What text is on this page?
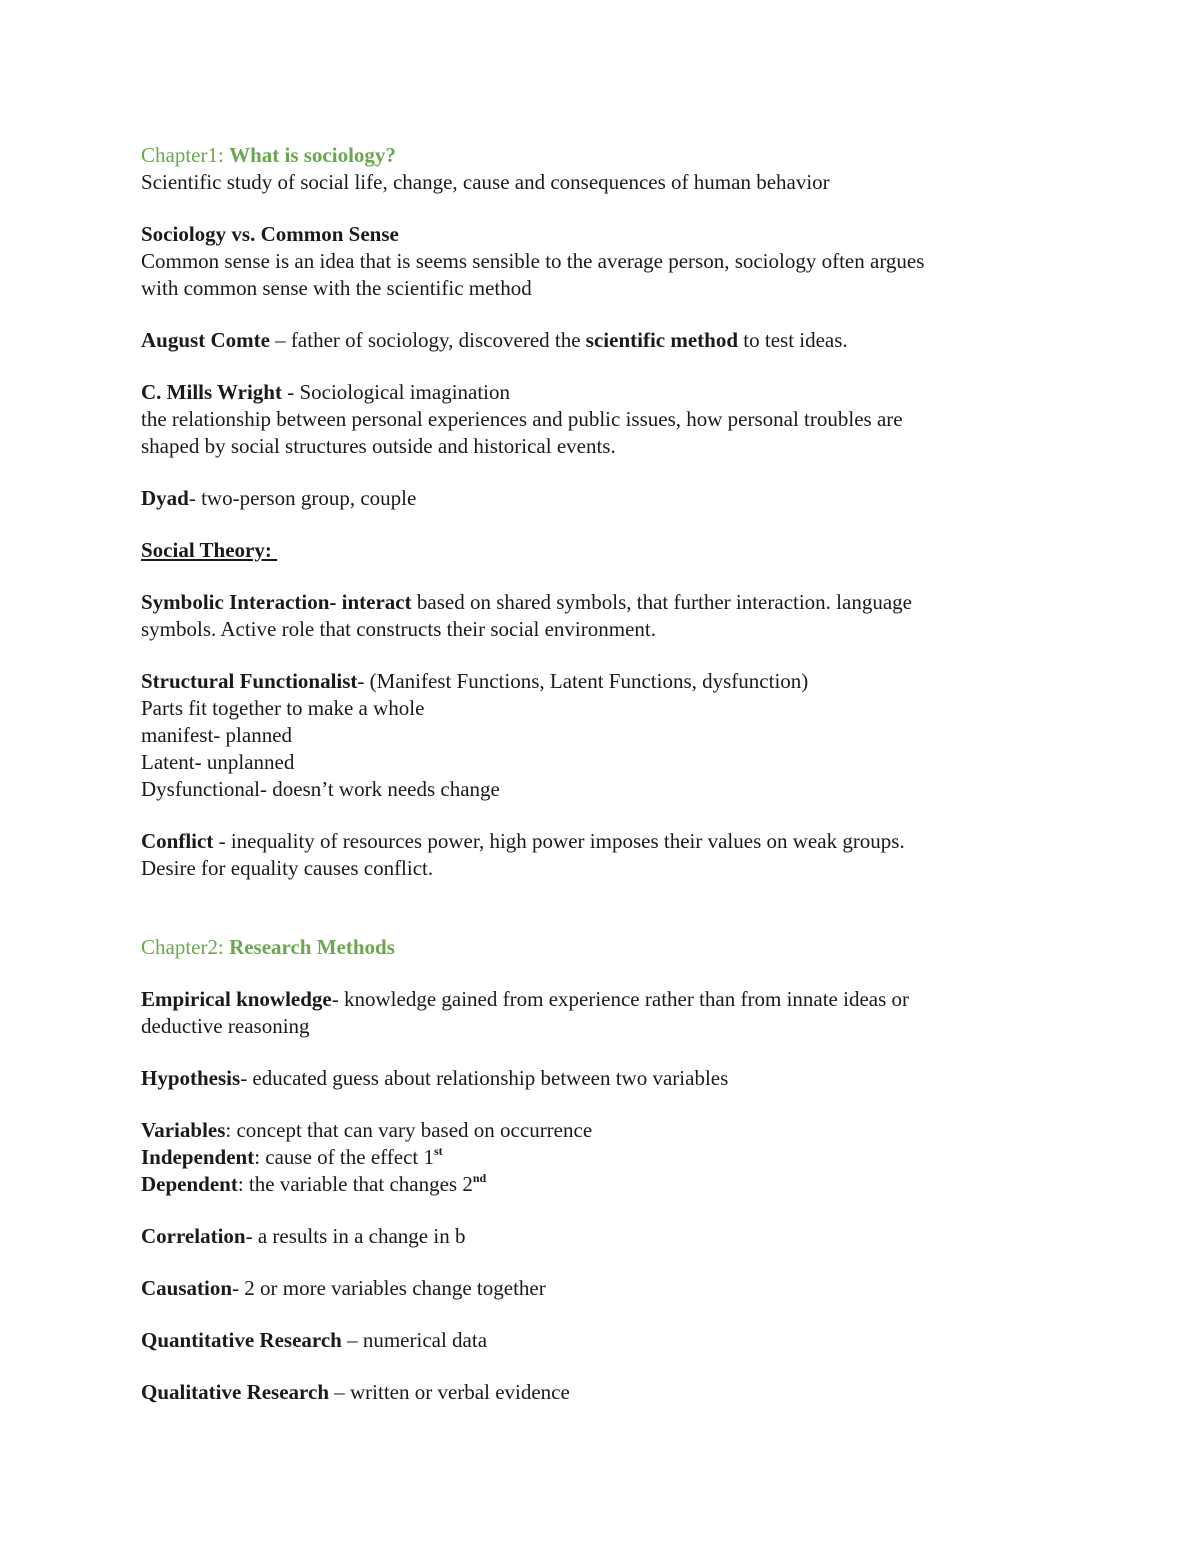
Chapter1: What is sociology?

Scientific study of social life, change, cause and consequences of human behavior

Sociology vs. Common Sense

Common sense is an idea that is seems sensible to the average person, sociology often argues

with common sense with the scientific method

August Comte – father of sociology, discovered the scientific method to test ideas.

C. Mills Wright - Sociological imagination

the relationship between personal experiences and public issues, how personal troubles are

shaped by social structures outside and historical events.

Dyad- two-person group, couple

Social Theory:

Symbolic Interaction- interact based on shared symbols, that further interaction. language

symbols. Active role that constructs their social environment.

Structural Functionalist- (Manifest Functions, Latent Functions, dysfunction)

Parts fit together to make a whole

manifest- planned

Latent- unplanned

Dysfunctional- doesn’t work needs change

Conflict - inequality of resources power, high power imposes their values on weak groups.

Desire for equality causes conflict.

Chapter2: Research Methods

Empirical knowledge- knowledge gained from experience rather than from innate ideas or

deductive reasoning

Hypothesis- educated guess about relationship between two variables

Variables: concept that can vary based on occurrence

Independent: cause of the effect 1st

Dependent: the variable that changes 2nd

Correlation- a results in a change in b

Causation- 2 or more variables change together

Quantitative Research – numerical data

Qualitative Research – written or verbal evidence
